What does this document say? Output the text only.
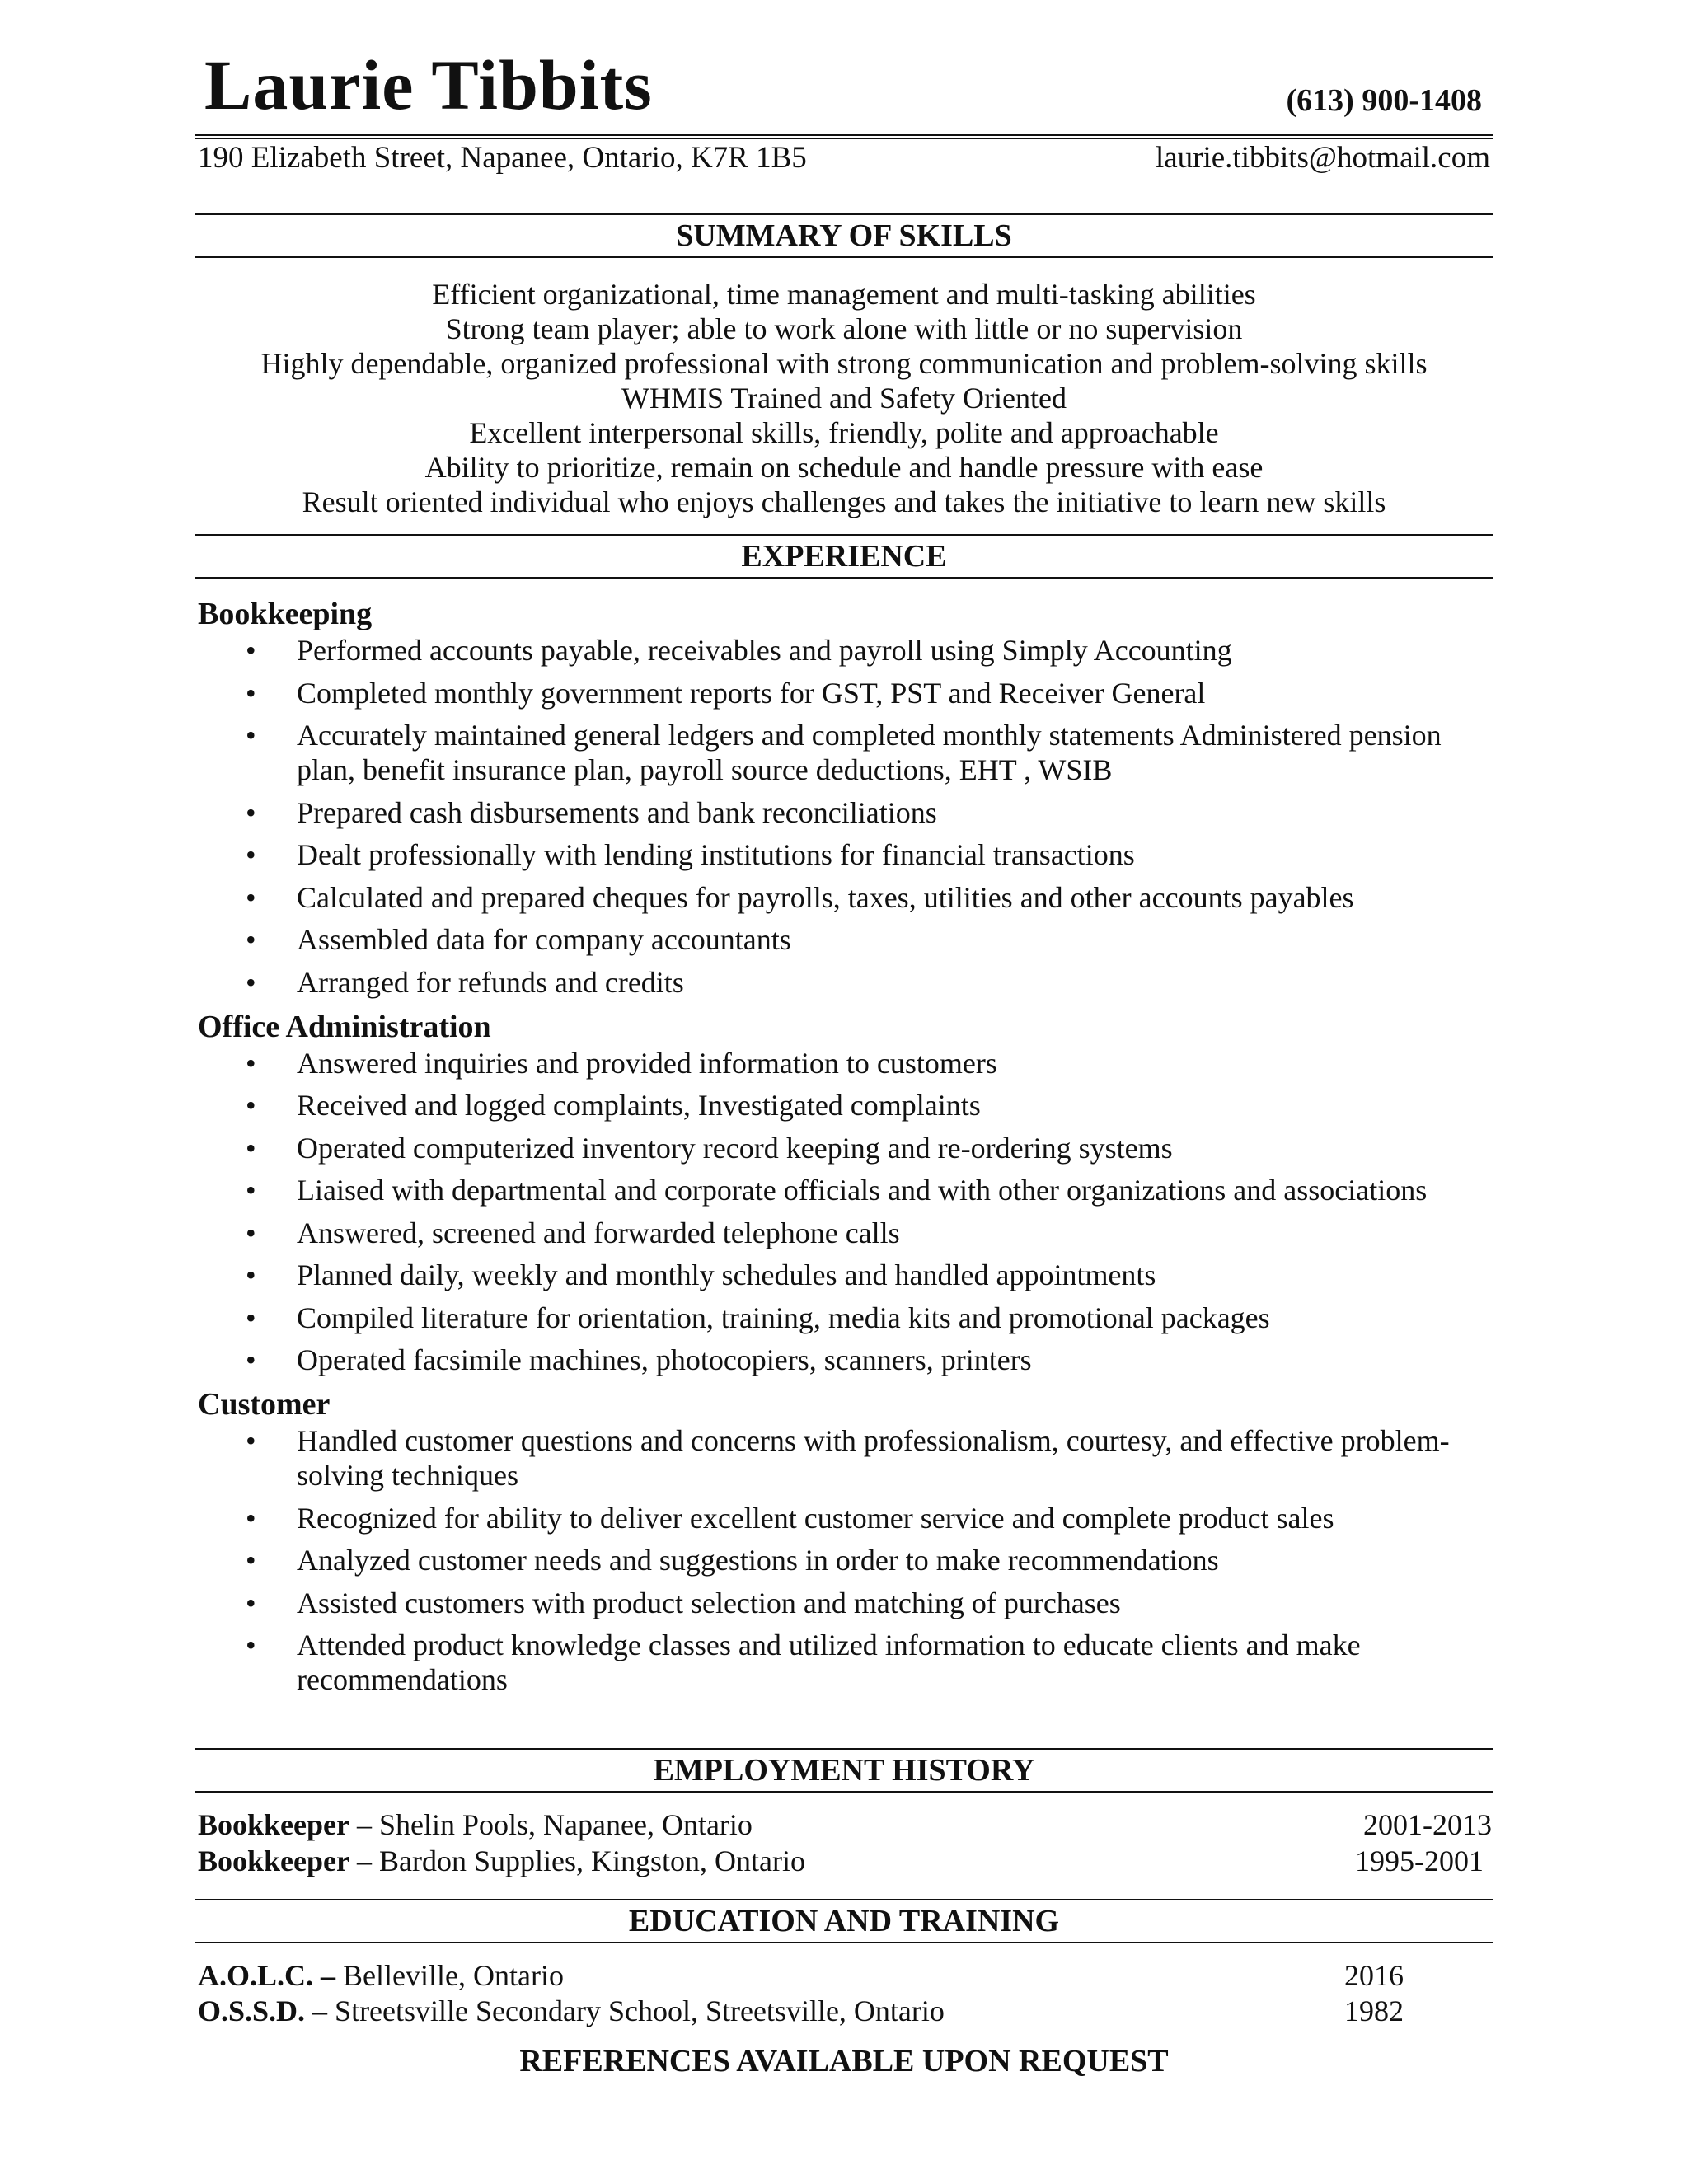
Laurie Tibbits	(613) 900-1408
190 Elizabeth Street, Napanee, Ontario, K7R 1B5	laurie.tibbits@hotmail.com
SUMMARY OF SKILLS
Efficient organizational, time management and multi-tasking abilities
Strong team player; able to work alone with little or no supervision
Highly dependable, organized professional with strong communication and problem-solving skills
WHMIS Trained and Safety Oriented
Excellent interpersonal skills, friendly, polite and approachable
Ability to prioritize, remain on schedule and handle pressure with ease
Result oriented individual who enjoys challenges and takes the initiative to learn new skills
EXPERIENCE
Bookkeeping
• Performed accounts payable, receivables and payroll using Simply Accounting
• Completed monthly government reports for GST, PST and Receiver General
• Accurately maintained general ledgers and completed monthly statements Administered pension plan, benefit insurance plan, payroll source deductions, EHT , WSIB
• Prepared cash disbursements and bank reconciliations
• Dealt professionally with lending institutions for financial transactions
• Calculated and prepared cheques for payrolls, taxes, utilities and other accounts payables
• Assembled data for company accountants
• Arranged for refunds and credits
Office Administration
• Answered inquiries and provided information to customers
• Received and logged complaints, Investigated complaints
• Operated computerized inventory record keeping and re-ordering systems
• Liaised with departmental and corporate officials and with other organizations and associations
• Answered, screened and forwarded telephone calls
• Planned daily, weekly and monthly schedules and handled appointments
• Compiled literature for orientation, training, media kits and promotional packages
• Operated facsimile machines, photocopiers, scanners, printers
Customer
• Handled customer questions and concerns with professionalism, courtesy, and effective problem-solving techniques
• Recognized for ability to deliver excellent customer service and complete product sales
• Analyzed customer needs and suggestions in order to make recommendations
• Assisted customers with product selection and matching of purchases
• Attended product knowledge classes and utilized information to educate clients and make recommendations
EMPLOYMENT HISTORY
Bookkeeper – Shelin Pools, Napanee, Ontario	2001-2013
Bookkeeper – Bardon Supplies, Kingston, Ontario	1995-2001
EDUCATION AND TRAINING
A.O.L.C. – Belleville, Ontario	2016
O.S.S.D. – Streetsville Secondary School, Streetsville, Ontario	1982
REFERENCES AVAILABLE UPON REQUEST
